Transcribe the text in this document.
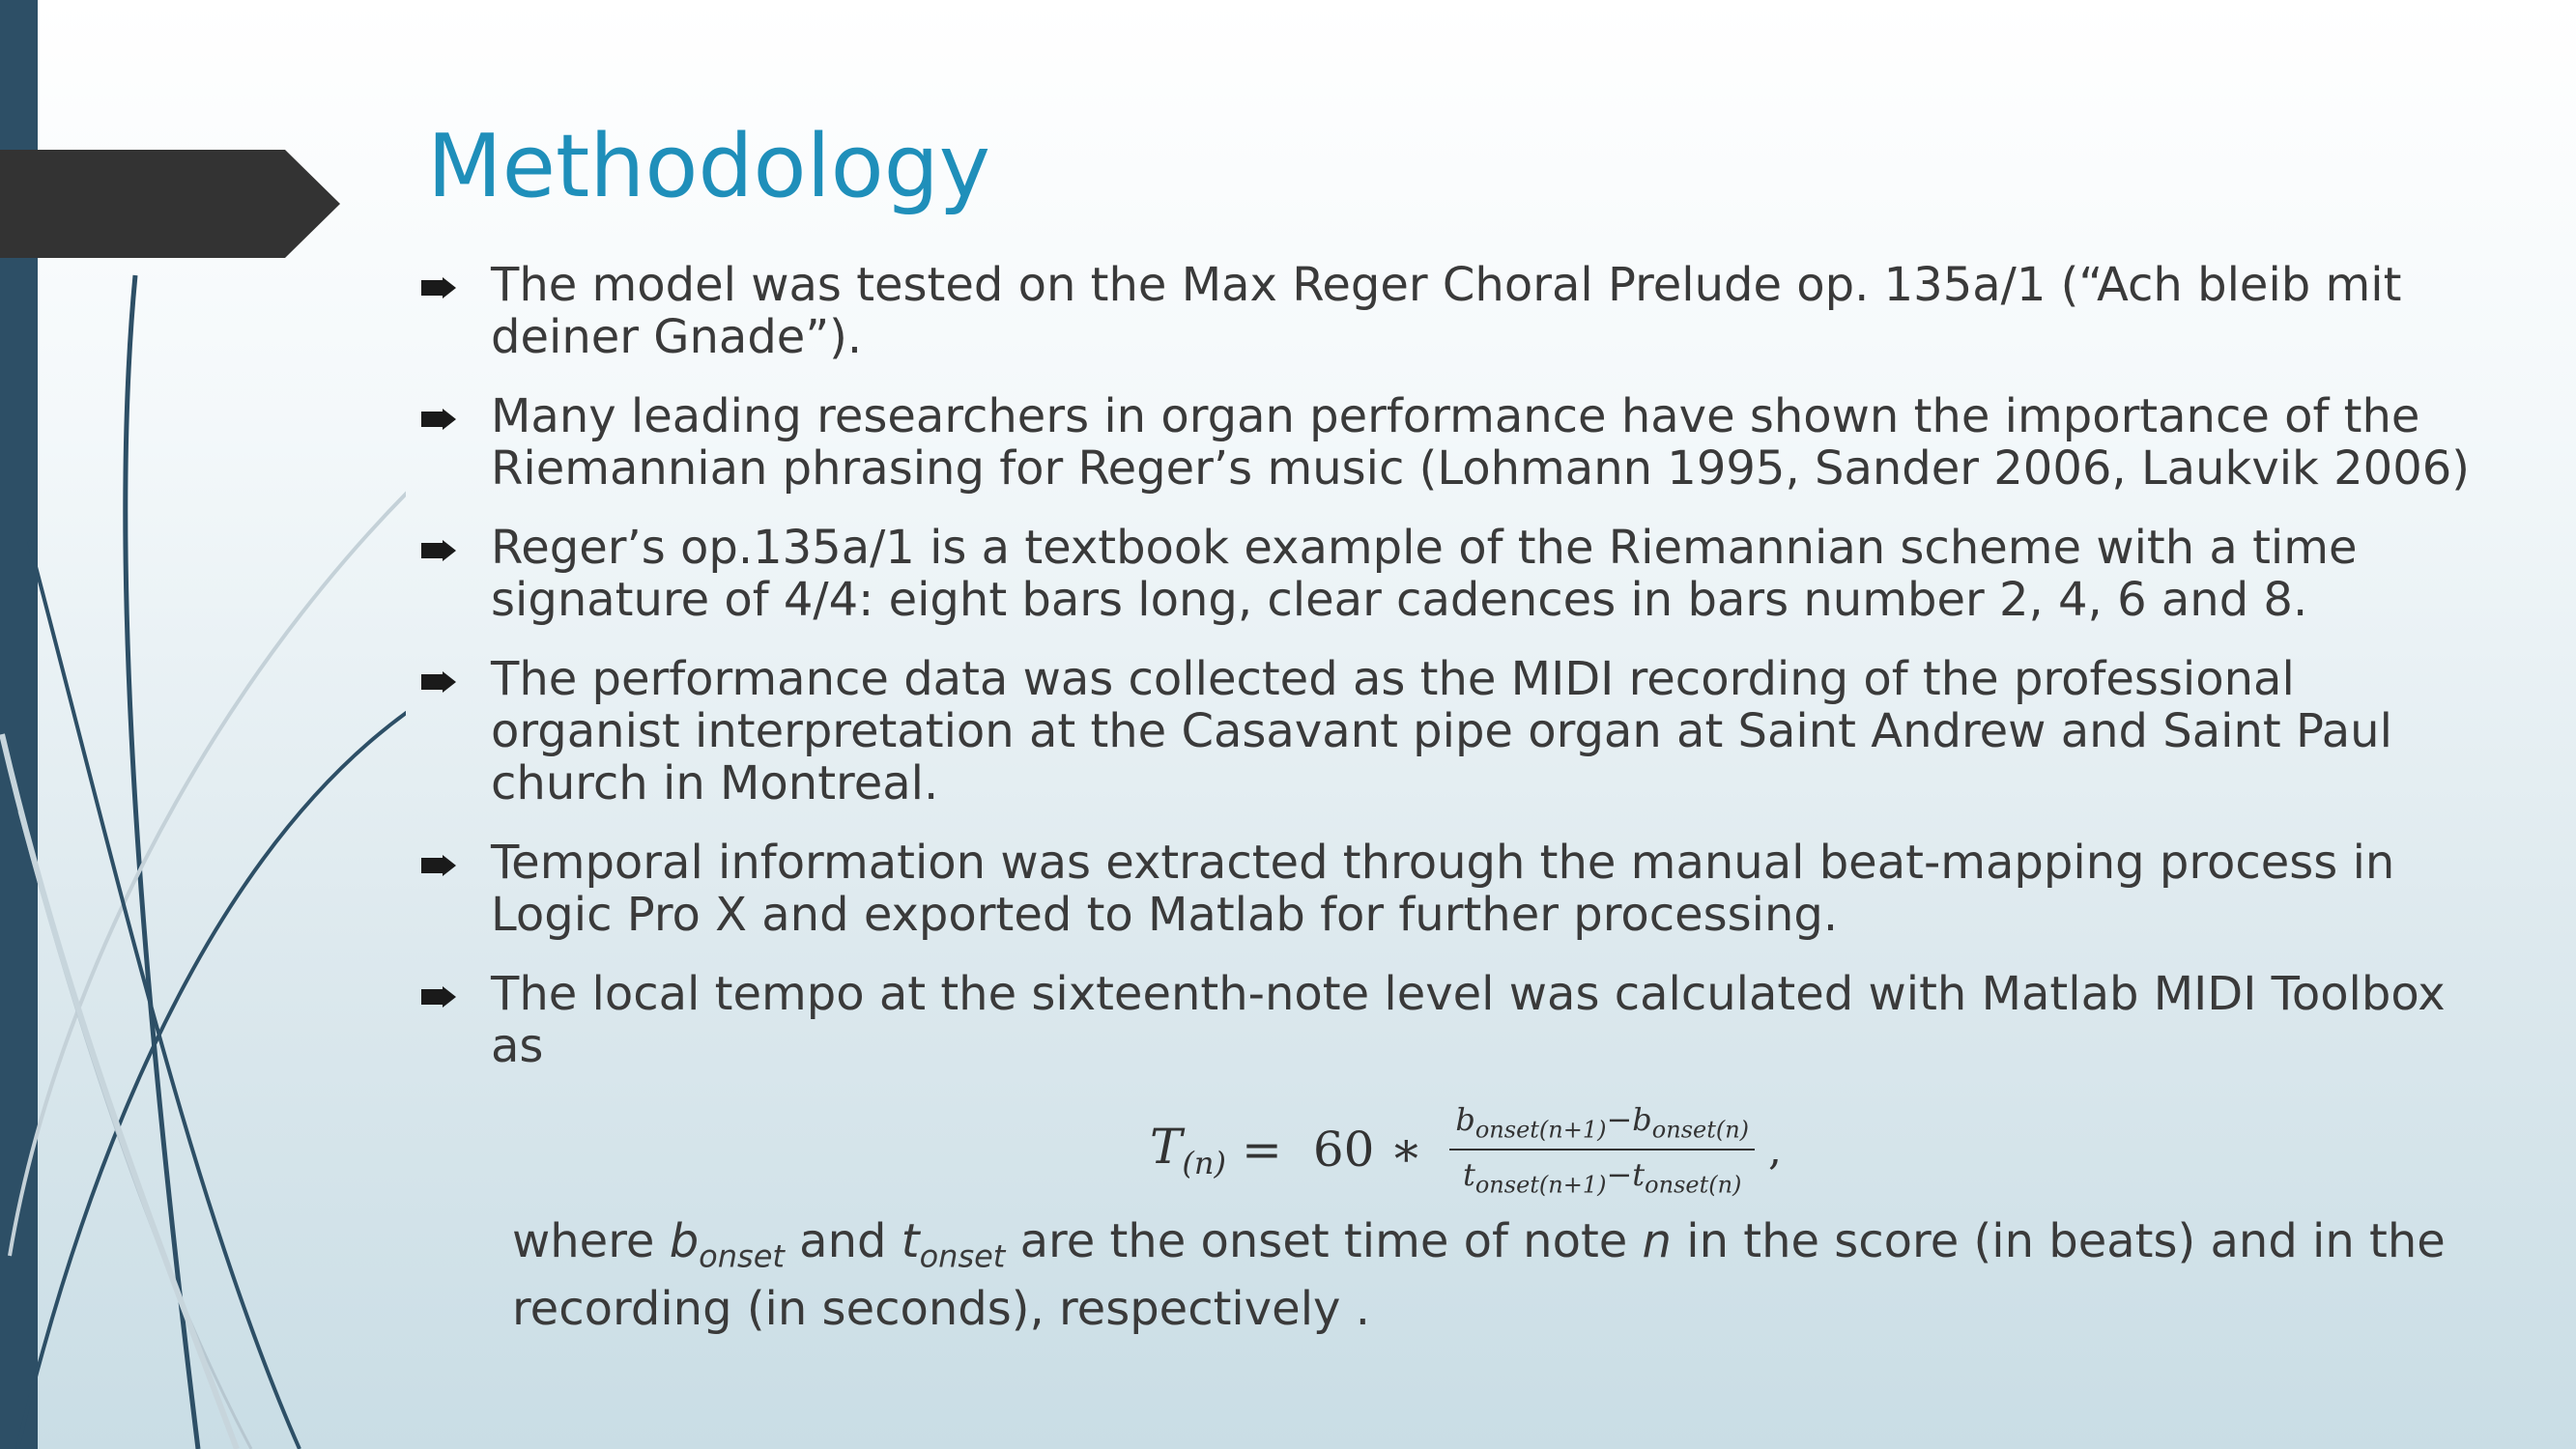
Methodology
The model was tested on the Max Reger Choral Prelude op. 135a/1 (“Ach bleib mit deiner Gnade”).
Many leading researchers in organ performance have shown the importance of the Riemannian phrasing for Reger’s music (Lohmann 1995, Sander 2006, Laukvik 2006)
Reger’s op.135a/1 is a textbook example of the Riemannian scheme with a time signature of 4/4: eight bars long, clear cadences in bars number 2, 4, 6 and 8.
The performance data was collected as the MIDI recording of the professional organist interpretation at the Casavant pipe organ at Saint Andrew and Saint Paul church in Montreal.
Temporal information was extracted through the manual beat-mapping process in Logic Pro X and exported to Matlab for further processing.
The local tempo at the sixteenth-note level was calculated with Matlab MIDI Toolbox as
$T_{(n)} = 60$ ∗ $\frac{b_{onset(n+1)}-b_{onset(n)}}{t_{onset(n+1)}-t_{onset(n)}}$ ,
where $b_{onset}$ and $t_{onset}$ are the onset time of note n in the score (in beats) and in the recording (in seconds), respectively .
